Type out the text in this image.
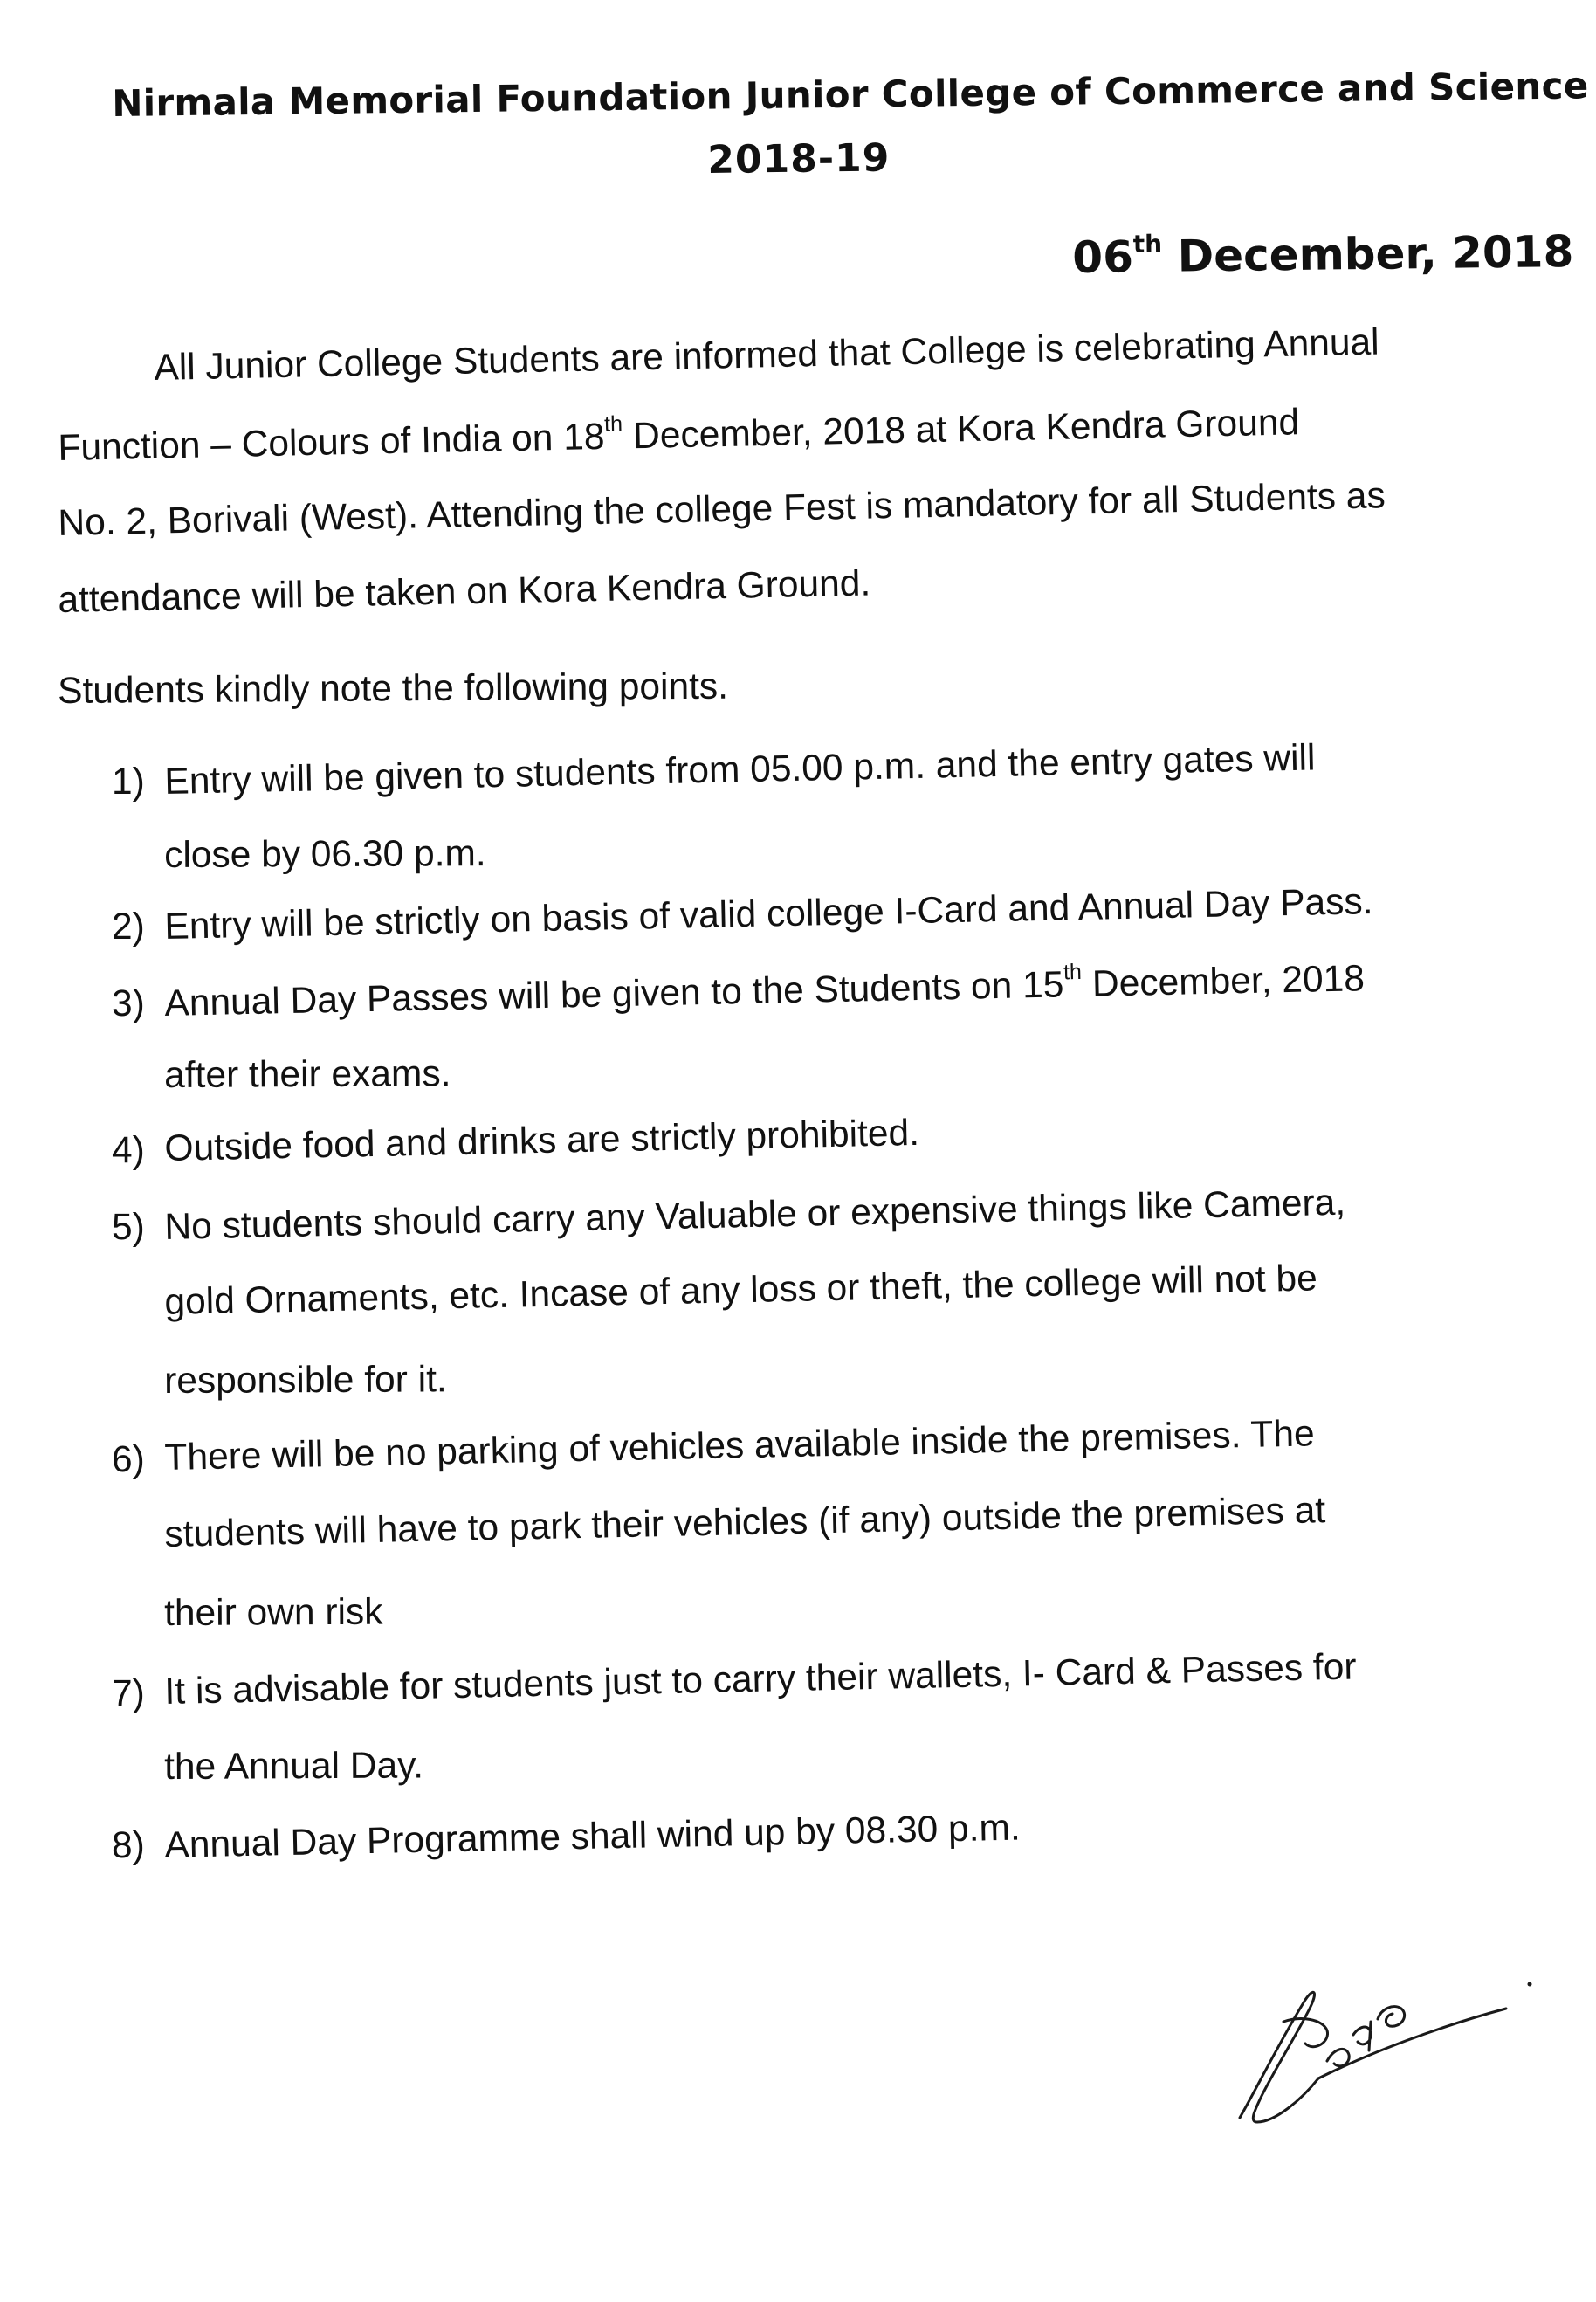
Nirmala Memorial Foundation Junior College of Commerce and Science
2018-19
06th December, 2018
All Junior College Students are informed that College is celebrating Annual
Function – Colours of India on 18th December, 2018 at Kora Kendra Ground
No. 2, Borivali (West). Attending the college Fest is mandatory for all Students as
attendance will be taken on Kora Kendra Ground.
Students kindly note the following points.
1) Entry will be given to students from 05.00 p.m. and the entry gates will
close by 06.30 p.m.
2) Entry will be strictly on basis of valid college I-Card and Annual Day Pass.
3) Annual Day Passes will be given to the Students on 15th December, 2018
after their exams.
4) Outside food and drinks are strictly prohibited.
5) No students should carry any Valuable or expensive things like Camera,
gold Ornaments, etc. Incase of any loss or theft, the college will not be
responsible for it.
6) There will be no parking of vehicles available inside the premises. The
students will have to park their vehicles (if any) outside the premises at
their own risk
7) It is advisable for students just to carry their wallets, I- Card & Passes for
the Annual Day.
8) Annual Day Programme shall wind up by 08.30 p.m.
